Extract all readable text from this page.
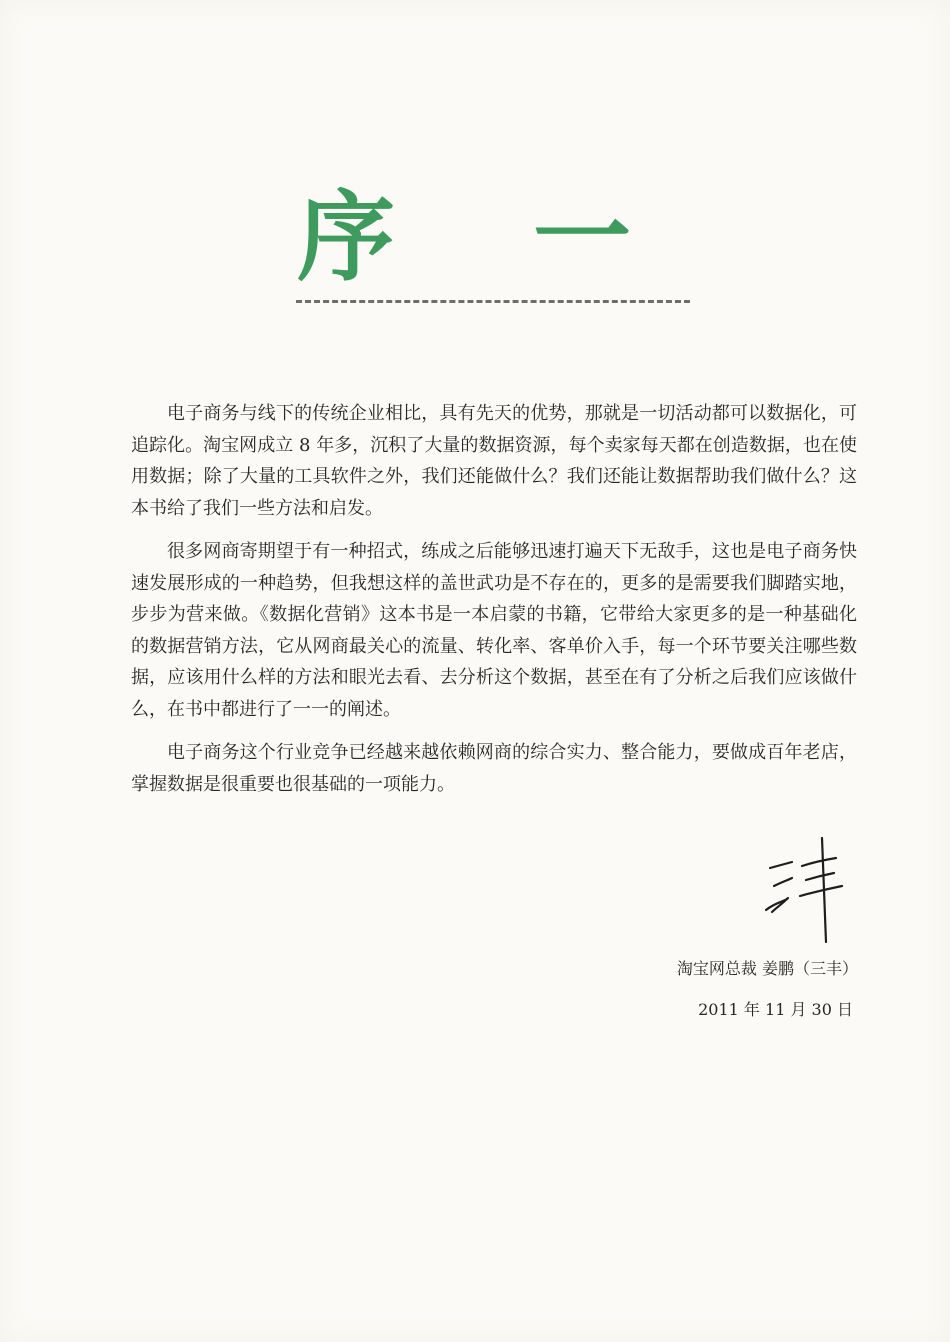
序 一

电子商务与线下的传统企业相比，具有先天的优势，那就是一切活动都可以数据化，可追踪化。淘宝网成立 8 年多，沉积了大量的数据资源，每个卖家每天都在创造数据，也在使用数据；除了大量的工具软件之外，我们还能做什么？我们还能让数据帮助我们做什么？这本书给了我们一些方法和启发。

很多网商寄期望于有一种招式，练成之后能够迅速打遍天下无敌手，这也是电子商务快速发展形成的一种趋势，但我想这样的盖世武功是不存在的，更多的是需要我们脚踏实地，步步为营来做。《数据化营销》这本书是一本启蒙的书籍，它带给大家更多的是一种基础化的数据营销方法，它从网商最关心的流量、转化率、客单价入手，每一个环节要关注哪些数据，应该用什么样的方法和眼光去看、去分析这个数据，甚至在有了分析之后我们应该做什么，在书中都进行了一一的阐述。

电子商务这个行业竞争已经越来越依赖网商的综合实力、整合能力，要做成百年老店，掌握数据是很重要也很基础的一项能力。

淘宝网总裁 姜鹏（三丰）
2011 年 11 月 30 日
